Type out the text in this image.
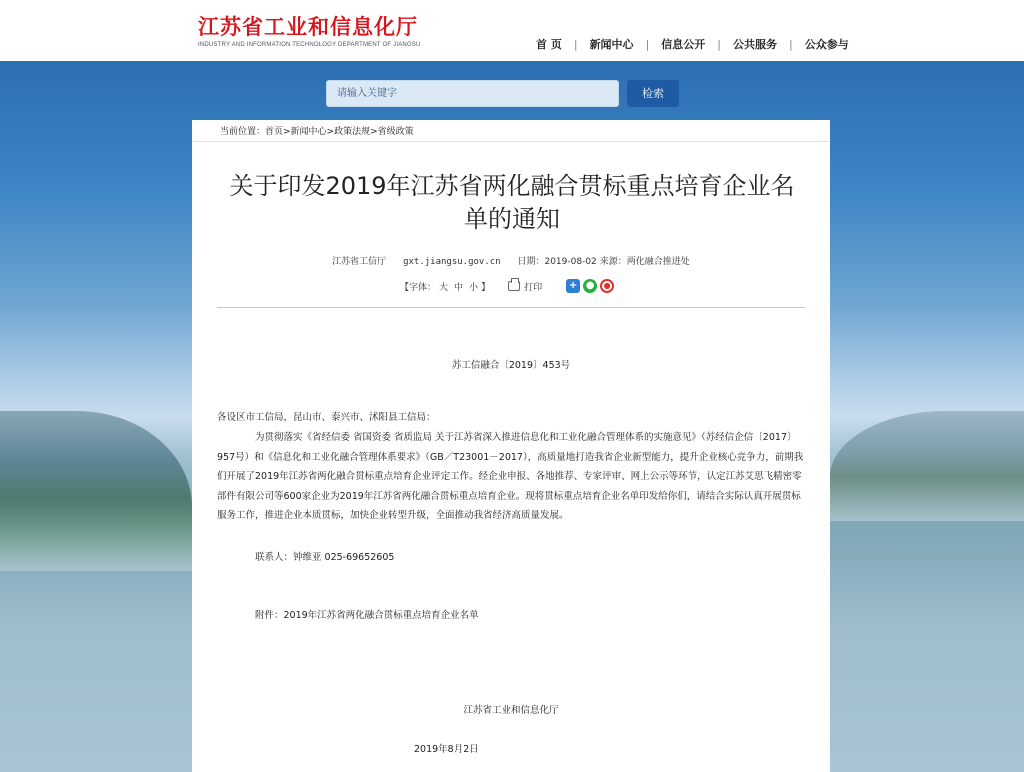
江苏省工业和信息化厅
INDUSTRY AND INFORMATION TECHNOLOGY DEPARTMENT OF JIANGSU	首 页	|	新闻中心	|	信息公开	|	公共服务	|	公众参与
请输入关键字	检索
当前位置：首页>新闻中心>政策法规>省级政策
关于印发2019年江苏省两化融合贯标重点培育企业名单的通知
江苏省工信厅 gxt.jiangsu.gov.cn 日期：2019-08-02 来源：两化融合推进处
【字体： 大 中 小 】	打印	+ ●	●
苏工信融合〔2019〕453号
各设区市工信局，昆山市、泰兴市、沭阳县工信局：
为贯彻落实《省经信委 省国资委 省质监局 关于江苏省深入推进信息化和工业化融合管理体系的实施意见》（苏经信企信〔2017〕957号）和《信息化和工业化融合管理体系要求》（GB／T23001－2017），高质量地打造我省企业新型能力，提升企业核心竞争力，前期我们开展了2019年江苏省两化融合贯标重点培育企业评定工作。经企业申报、各地推荐、专家评审、网上公示等环节，认定江苏艾思飞精密零部件有限公司等600家企业为2019年江苏省两化融合贯标重点培育企业。现将贯标重点培育企业名单印发给你们，请结合实际认真开展贯标服务工作，推进企业本质贯标，加快企业转型升级，全面推动我省经济高质量发展。
联系人：钟维亚 025-69652605
附件：2019年江苏省两化融合贯标重点培育企业名单
江苏省工业和信息化厅
2019年8月2日
